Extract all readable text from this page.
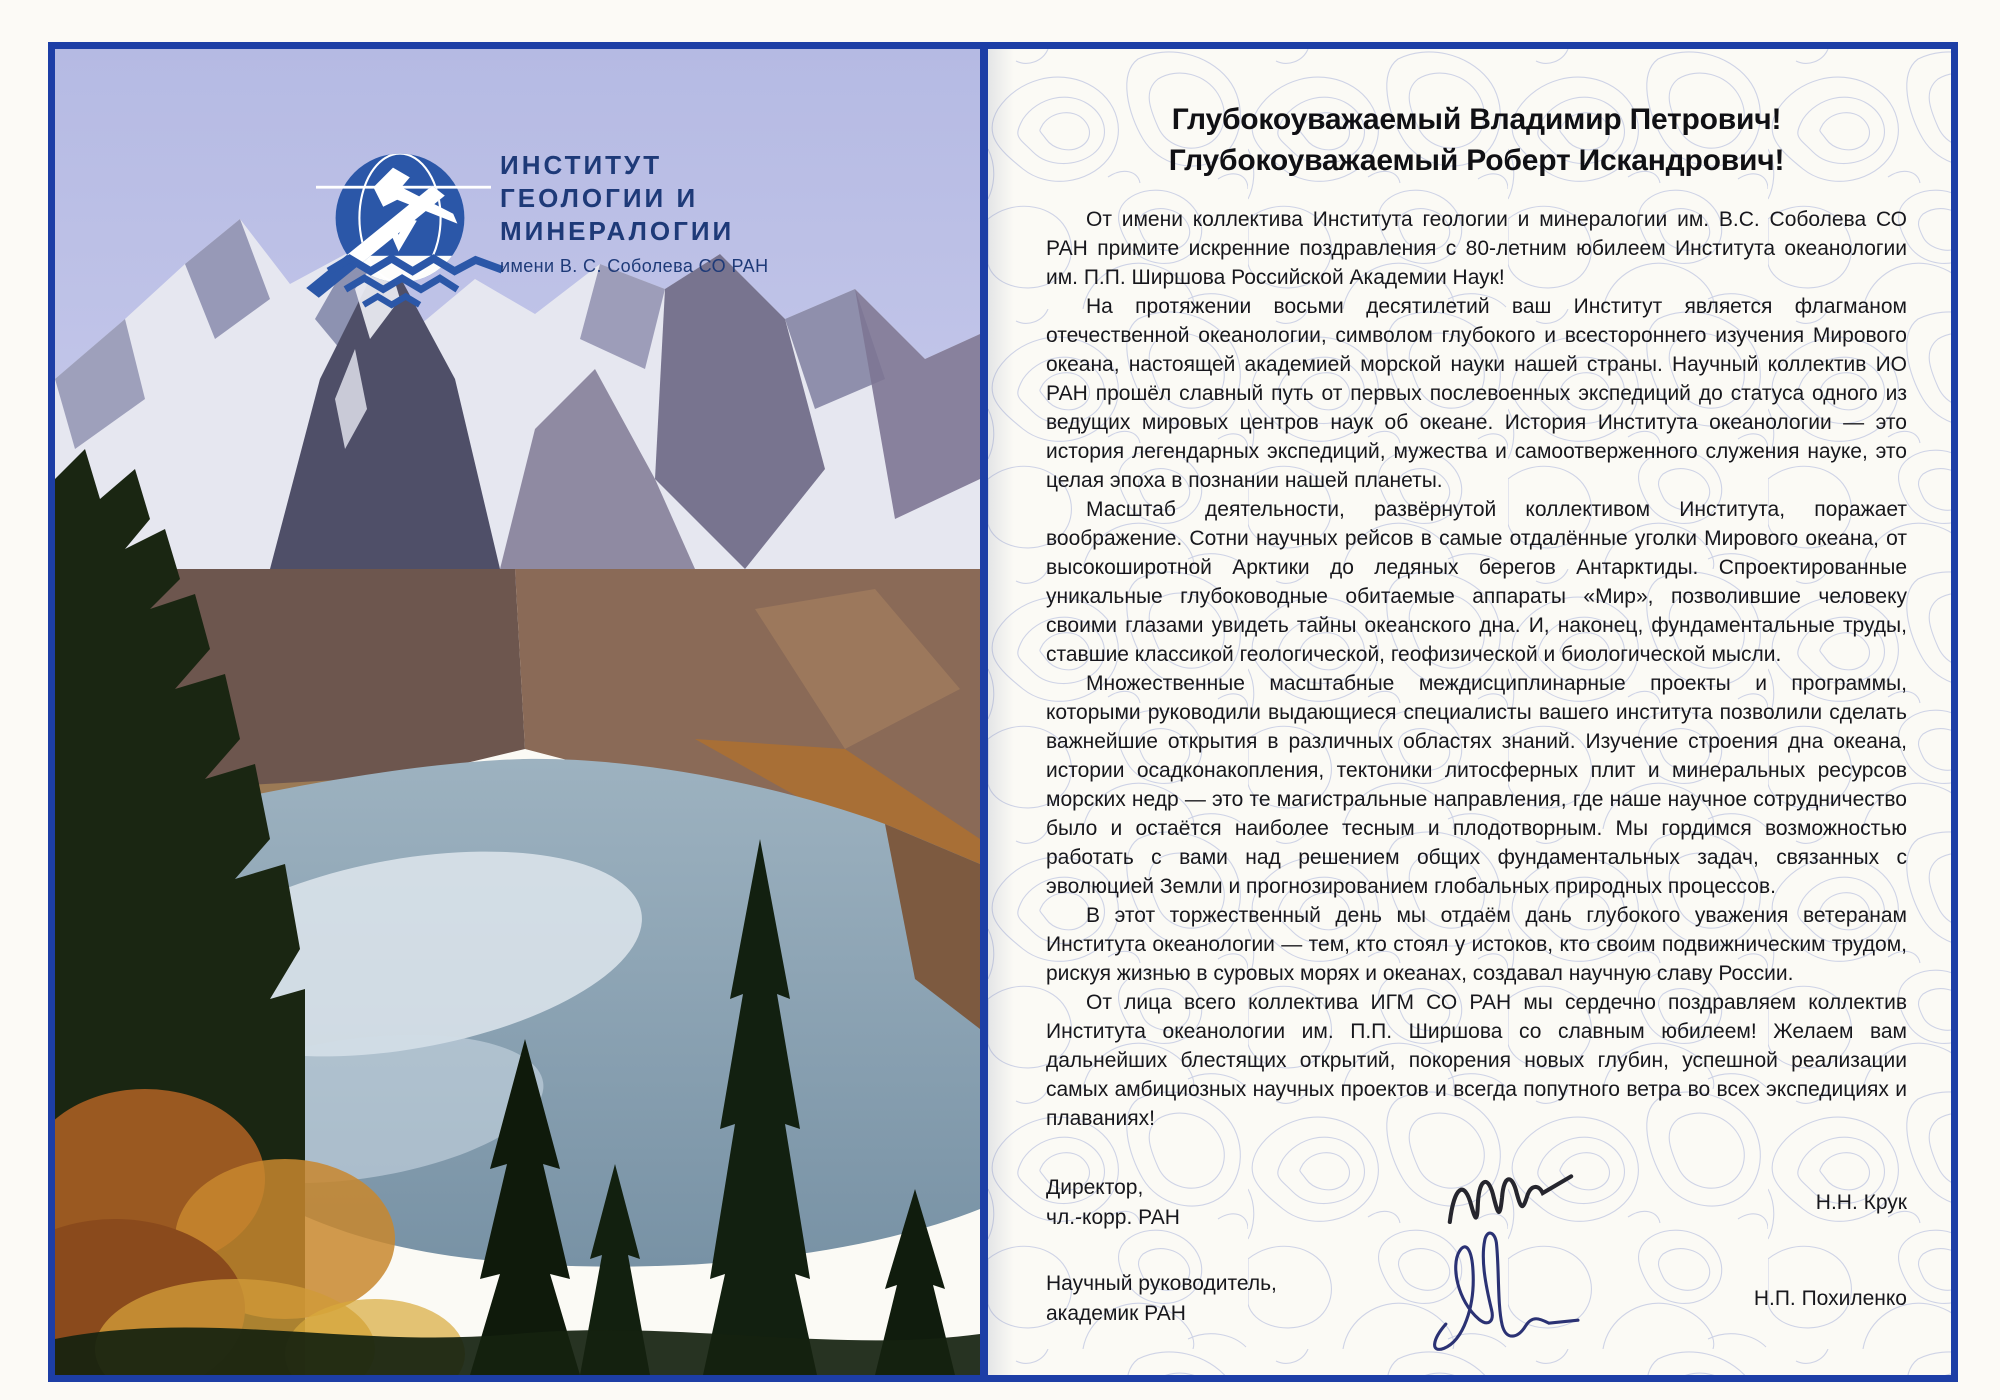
ИНСТИТУТ
ГЕОЛОГИИ И
МИНЕРАЛОГИИ
имени В. С. Соболева СО РАН
Глубокоуважаемый Владимир Петрович!
Глубокоуважаемый Роберт Искандрович!

От имени коллектива Института геологии и минералогии им. В.С. Соболева СО РАН примите искренние поздравления с 80-летним юбилеем Института океанологии им. П.П. Ширшова Российской Академии Наук!

На протяжении восьми десятилетий ваш Институт является флагманом отечественной океанологии, символом глубокого и всестороннего изучения Мирового океана, настоящей академией морской науки нашей страны. Научный коллектив ИО РАН прошёл славный путь от первых послевоенных экспедиций до статуса одного из ведущих мировых центров наук об океане. История Института океанологии — это история легендарных экспедиций, мужества и самоотверженного служения науке, это целая эпоха в познании нашей планеты.

Масштаб деятельности, развёрнутой коллективом Института, поражает воображение. Сотни научных рейсов в самые отдалённые уголки Мирового океана, от высокоширотной Арктики до ледяных берегов Антарктиды. Спроектированные уникальные глубоководные обитаемые аппараты «Мир», позволившие человеку своими глазами увидеть тайны океанского дна. И, наконец, фундаментальные труды, ставшие классикой геологической, геофизической и биологической мысли.

Множественные масштабные междисциплинарные проекты и программы, которыми руководили выдающиеся специалисты вашего института позволили сделать важнейшие открытия в различных областях знаний. Изучение строения дна океана, истории осадконакопления, тектоники литосферных плит и минеральных ресурсов морских недр — это те магистральные направления, где наше научное сотрудничество было и остаётся наиболее тесным и плодотворным. Мы гордимся возможностью работать с вами над решением общих фундаментальных задач, связанных с эволюцией Земли и прогнозированием глобальных природных процессов.

В этот торжественный день мы отдаём дань глубокого уважения ветеранам Института океанологии — тем, кто стоял у истоков, кто своим подвижническим трудом, рискуя жизнью в суровых морях и океанах, создавал научную славу России.

От лица всего коллектива ИГМ СО РАН мы сердечно поздравляем коллектив Института океанологии им. П.П. Ширшова со славным юбилеем! Желаем вам дальнейших блестящих открытий, покорения новых глубин, успешной реализации самых амбициозных научных проектов и всегда попутного ветра во всех экспедициях и плаваниях!

Директор,
чл.-корр. РАН
Н.Н. Крук
Научный руководитель,
академик РАН
Н.П. Похиленко
